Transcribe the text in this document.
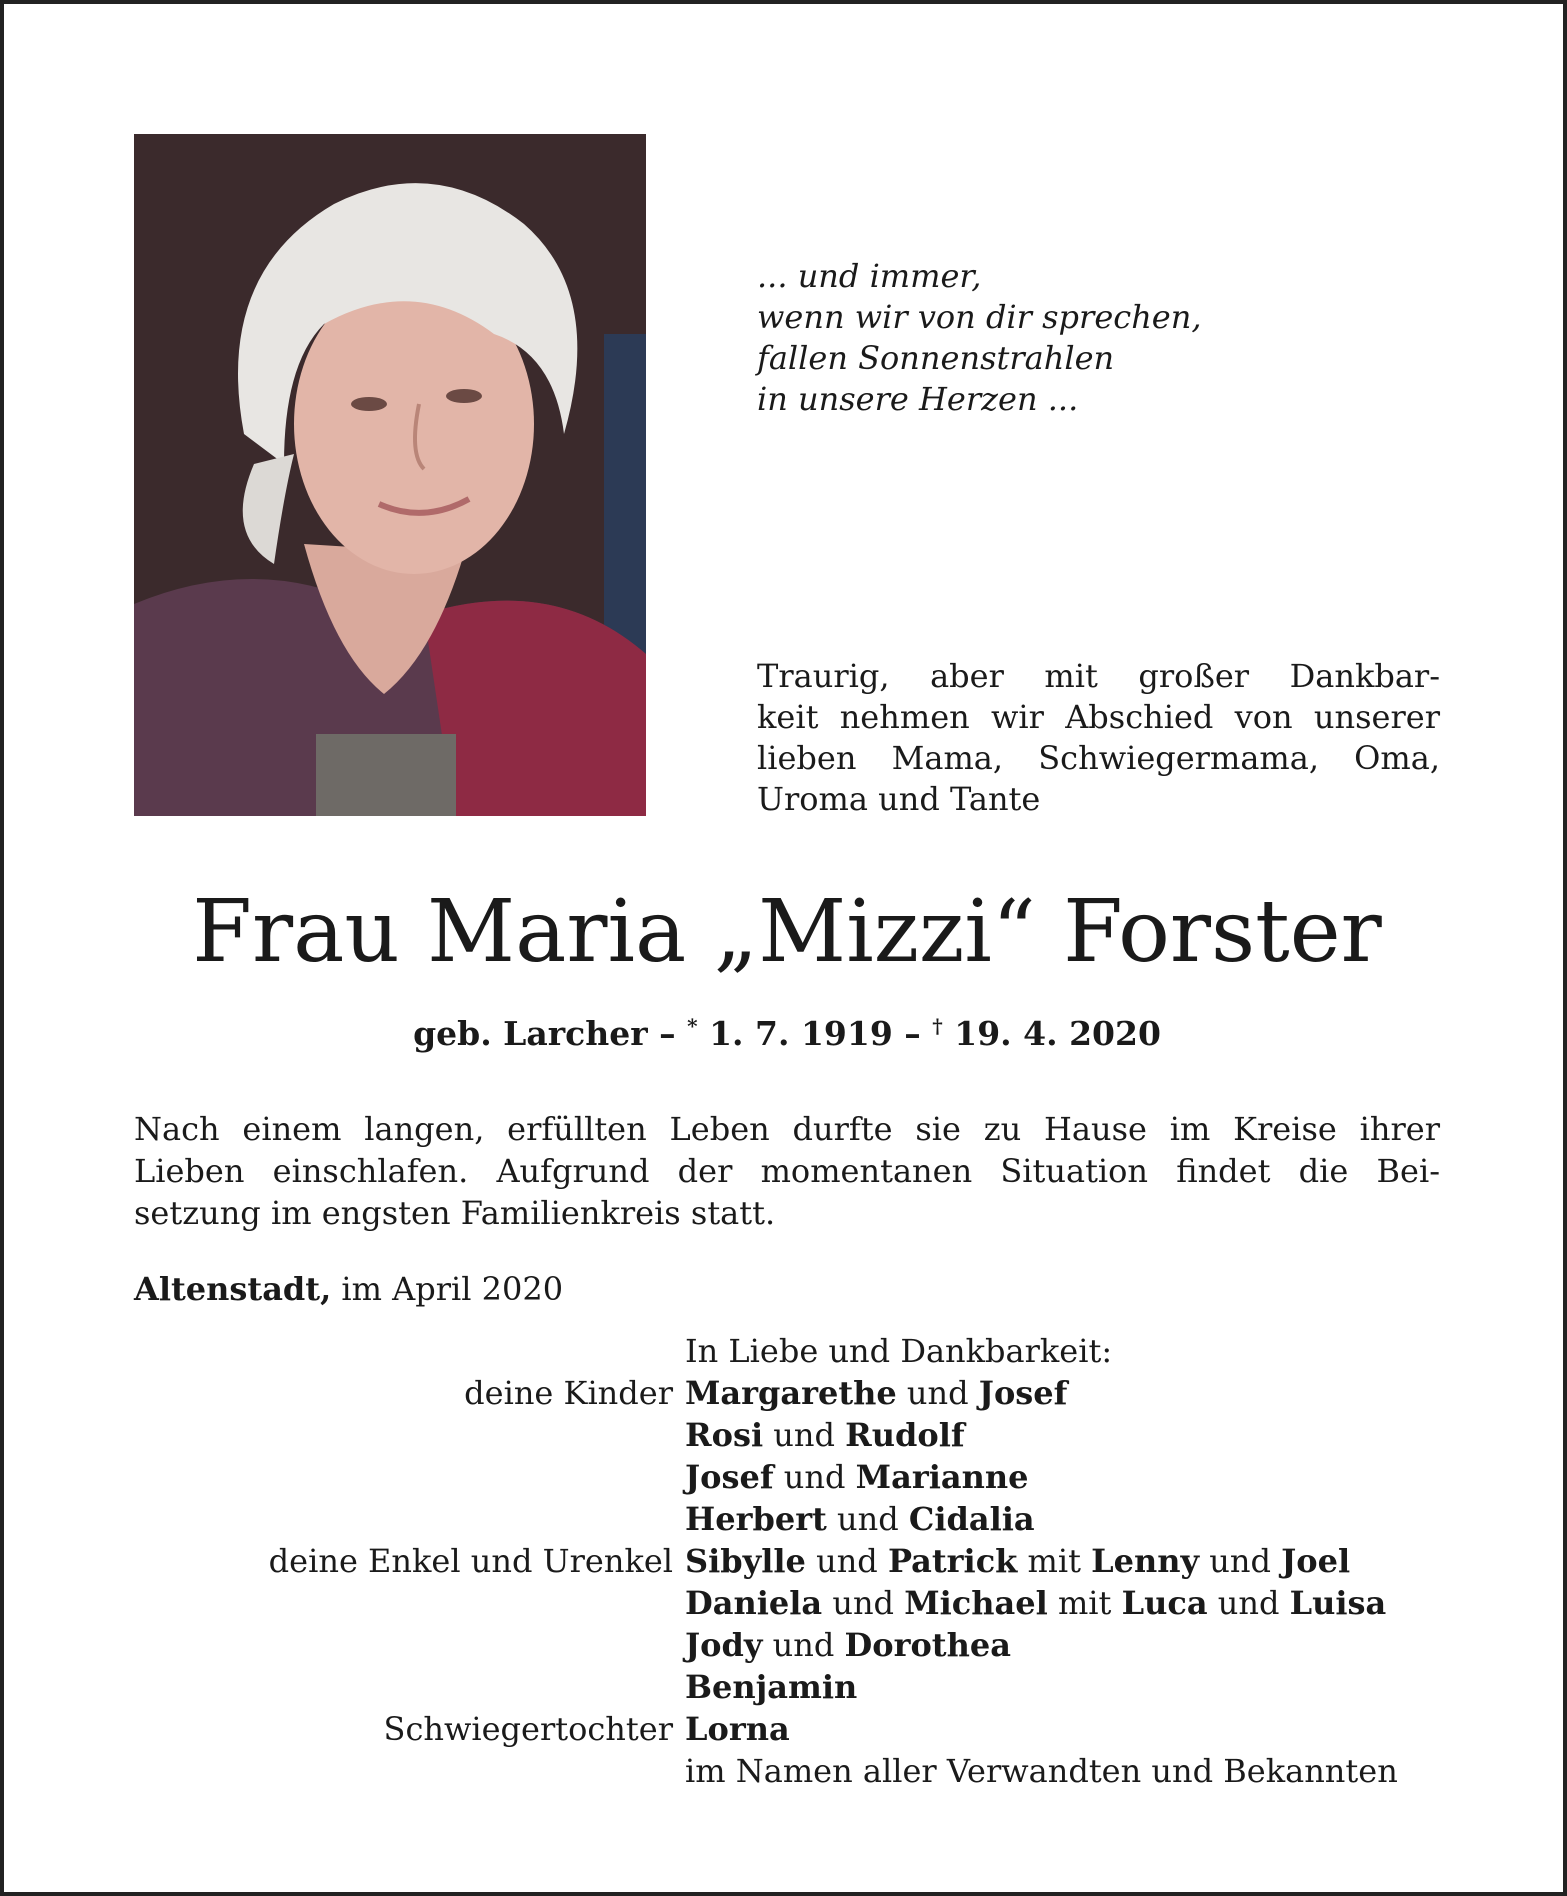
... und immer,
wenn wir von dir sprechen,
fallen Sonnenstrahlen
in unsere Herzen ...
Traurig, aber mit großer Dankbar-
keit nehmen wir Abschied von unserer
lieben Mama, Schwiegermama, Oma,
Uroma und Tante
Frau Maria „Mizzi“ Forster
geb. Larcher – * 1. 7. 1919 – † 19. 4. 2020
Nach einem langen, erfüllten Leben durfte sie zu Hause im Kreise ihrer
Lieben einschlafen. Aufgrund der momentanen Situation findet die Bei-
setzung im engsten Familienkreis statt.
Altenstadt, im April 2020
In Liebe und Dankbarkeit:
deine Kinder Margarethe und Josef
Rosi und Rudolf
Josef und Marianne
Herbert und Cidalia
deine Enkel und Urenkel Sibylle und Patrick mit Lenny und Joel
Daniela und Michael mit Luca und Luisa
Jody und Dorothea
Benjamin
Schwiegertochter Lorna
im Namen aller Verwandten und Bekannten
